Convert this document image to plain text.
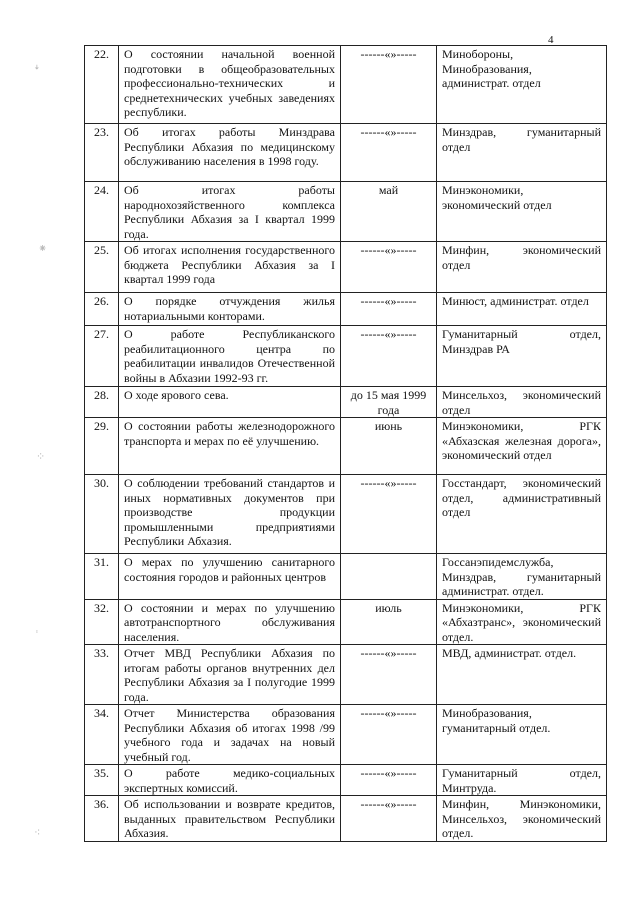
4
ꜜ
⁕
⁘
ᶦ
⁖
22.	О состоянии начальной военной подготовки в общеобразовательных профессионально-технических и среднетехнических учебных заведениях республики.	------«»-----	Минобороны, Минобразования, администрат. отдел
23.	Об итогах работы Минздрава Республики Абхазия по медицинскому обслуживанию населения в 1998 году.	------«»-----	Минздрав, гуманитарный отдел
24.	Об итогах работы народнохозяйственного комплекса Республики Абхазия за I квартал 1999 года.	май	Минэкономики, экономический отдел
25.	Об итогах исполнения государственного бюджета Республики Абхазия за I квартал 1999 года	------«»-----	Минфин, экономический отдел
26.	О порядке отчуждения жилья нотариальными конторами.	------«»-----	Минюст, администрат. отдел
27.	О работе Республиканского реабилитационного центра по реабилитации инвалидов Отечественной войны в Абхазии 1992-93 гг.	------«»-----	Гуманитарный отдел, Минздрав РА
28.	О ходе ярового сева.	до 15 мая 1999 года	Минсельхоз, экономический отдел
29.	О состоянии работы железнодорожного транспорта и мерах по её улучшению.	июнь	Минэкономики, РГК «Абхазская железная дорога», экономический отдел
30.	О соблюдении требований стандартов и иных нормативных документов при производстве продукции промышленными предприятиями Республики Абхазия.	------«»-----	Госстандарт, экономический отдел, административный отдел
31.	О мерах по улучшению санитарного состояния городов и районных центров		Госсанэпидемслужба, Минздрав, гуманитарный администрат. отдел.
32.	О состоянии и мерах по улучшению автотранспортного обслуживания населения.	июль	Минэкономики, РГК «Абхазтранс», экономический отдел.
33.	Отчет МВД Республики Абхазия по итогам работы органов внутренних дел Республики Абхазия за I полугодие 1999 года.	------«»-----	МВД, администрат. отдел.
34.	Отчет Министерства образования Республики Абхазия об итогах 1998 /99 учебного года и задачах на новый учебный год.	------«»-----	Минобразования, гуманитарный отдел.
35.	О работе медико-социальных экспертных комиссий.	------«»-----	Гуманитарный отдел, Минтруда.
36.	Об использовании и возврате кредитов, выданных правительством Республики Абхазия.	------«»-----	Минфин, Минэкономики, Минсельхоз, экономический отдел.
